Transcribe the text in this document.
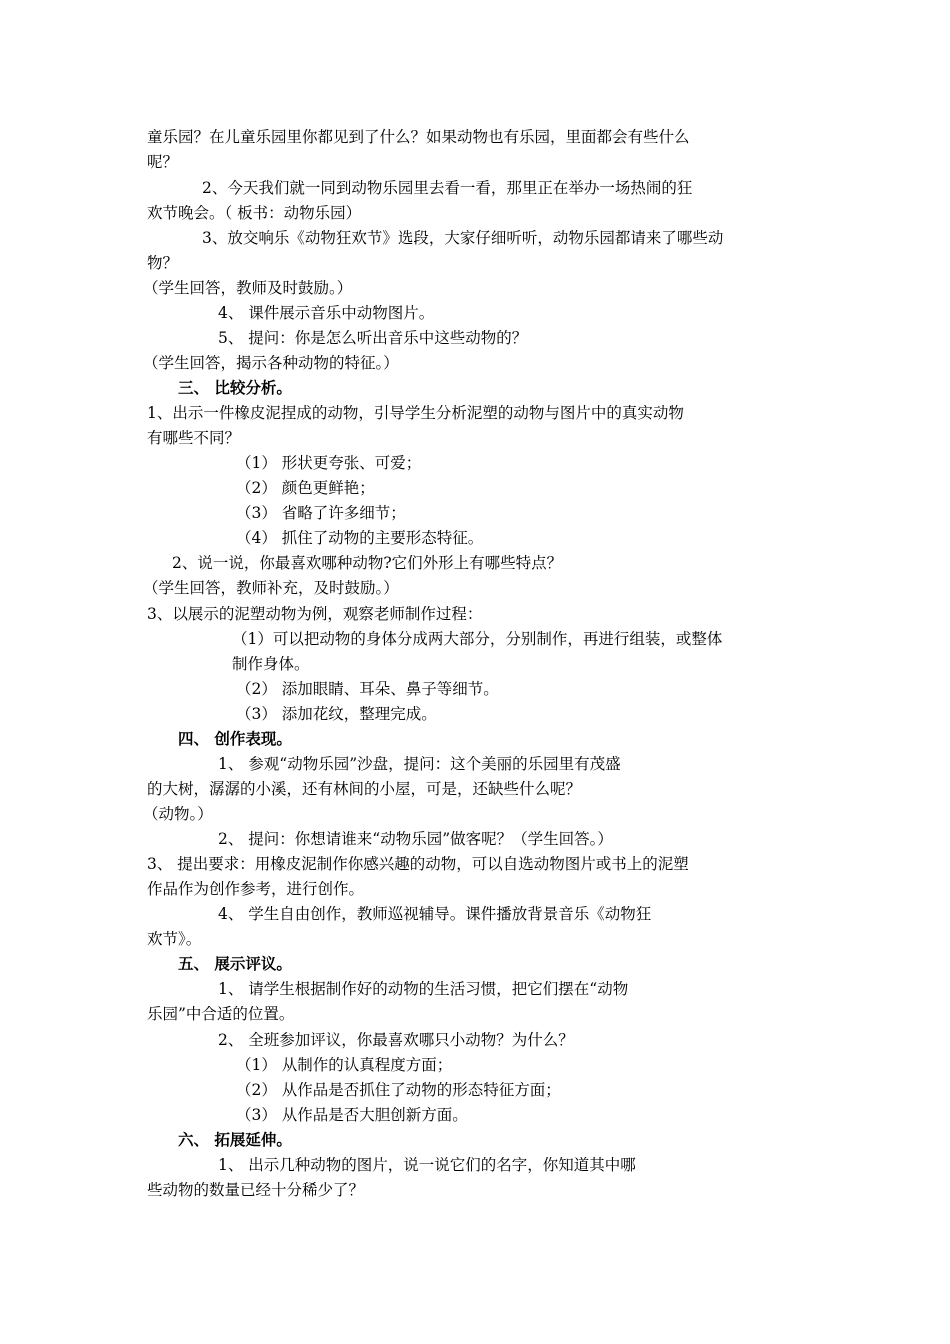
童乐园？在儿童乐园里你都见到了什么？如果动物也有乐园，里面都会有些什么
呢？
2、今天我们就一同到动物乐园里去看一看，那里正在举办一场热闹的狂
欢节晚会。（ 板书：动物乐园）
3、放交响乐《动物狂欢节》选段，大家仔细听听，动物乐园都请来了哪些动
物？
（学生回答，教师及时鼓励。）
4、 课件展示音乐中动物图片。
5、 提问：你是怎么听出音乐中这些动物的？
（学生回答，揭示各种动物的特征。）
三、 比较分析。
1、出示一件橡皮泥捏成的动物，引导学生分析泥塑的动物与图片中的真实动物
有哪些不同？
（1） 形状更夸张、可爱；
（2） 颜色更鲜艳；
（3） 省略了许多细节；
（4） 抓住了动物的主要形态特征。
2、说一说，你最喜欢哪种动物?它们外形上有哪些特点？
（学生回答，教师补充，及时鼓励。）
3、以展示的泥塑动物为例，观察老师制作过程：
（1）可以把动物的身体分成两大部分，分别制作，再进行组装，或整体
制作身体。
（2） 添加眼睛、耳朵、鼻子等细节。
（3） 添加花纹，整理完成。
四、 创作表现。
1、 参观“动物乐园”沙盘，提问：这个美丽的乐园里有茂盛
的大树，潺潺的小溪，还有林间的小屋，可是，还缺些什么呢？
（动物。）
2、 提问：你想请谁来“动物乐园”做客呢？（学生回答。）
3、 提出要求：用橡皮泥制作你感兴趣的动物，可以自选动物图片或书上的泥塑
作品作为创作参考，进行创作。
4、 学生自由创作，教师巡视辅导。课件播放背景音乐《动物狂
欢节》。
五、 展示评议。
1、 请学生根据制作好的动物的生活习惯，把它们摆在“动物
乐园”中合适的位置。
2、 全班参加评议，你最喜欢哪只小动物？为什么？
（1） 从制作的认真程度方面；
（2） 从作品是否抓住了动物的形态特征方面；
（3） 从作品是否大胆创新方面。
六、 拓展延伸。
1、 出示几种动物的图片，说一说它们的名字，你知道其中哪
些动物的数量已经十分稀少了？
